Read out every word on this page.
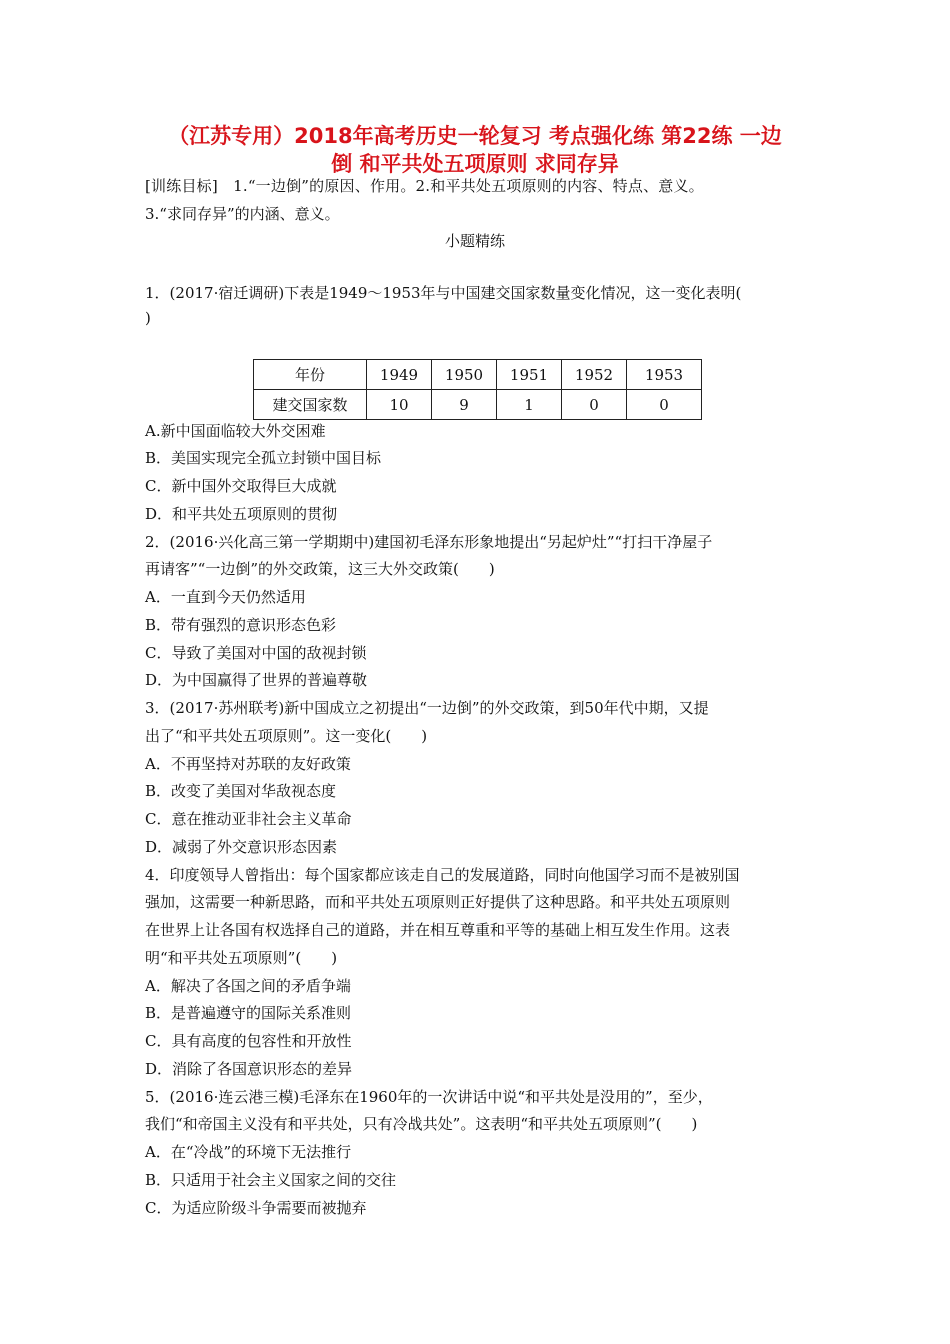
（江苏专用）2018年高考历史一轮复习 考点强化练 第22练 一边
倒 和平共处五项原则 求同存异
[训练目标]　1.“一边倒”的原因、作用。2.和平共处五项原则的内容、特点、意义。
3.“求同存异”的内涵、意义。
小题精练
1．(2017·宿迁调研)下表是1949～1953年与中国建交国家数量变化情况，这一变化表明(
)
年份	1949	1950	1951	1952	1953
建交国家数	10	9	1	0	0
A.新中国面临较大外交困难
B．美国实现完全孤立封锁中国目标
C．新中国外交取得巨大成就
D．和平共处五项原则的贯彻
2．(2016·兴化高三第一学期期中)建国初毛泽东形象地提出“另起炉灶”“打扫干净屋子
再请客”“一边倒”的外交政策，这三大外交政策(　　)
A．一直到今天仍然适用
B．带有强烈的意识形态色彩
C．导致了美国对中国的敌视封锁
D．为中国赢得了世界的普遍尊敬
3．(2017·苏州联考)新中国成立之初提出“一边倒”的外交政策，到50年代中期，又提
出了“和平共处五项原则”。这一变化(　　)
A．不再坚持对苏联的友好政策
B．改变了美国对华敌视态度
C．意在推动亚非社会主义革命
D．减弱了外交意识形态因素
4．印度领导人曾指出：每个国家都应该走自己的发展道路，同时向他国学习而不是被别国
强加，这需要一种新思路，而和平共处五项原则正好提供了这种思路。和平共处五项原则
在世界上让各国有权选择自己的道路，并在相互尊重和平等的基础上相互发生作用。这表
明“和平共处五项原则”(　　)
A．解决了各国之间的矛盾争端
B．是普遍遵守的国际关系准则
C．具有高度的包容性和开放性
D．消除了各国意识形态的差异
5．(2016·连云港三模)毛泽东在1960年的一次讲话中说“和平共处是没用的”，至少，
我们“和帝国主义没有和平共处，只有冷战共处”。这表明“和平共处五项原则”(　　)
A．在“冷战”的环境下无法推行
B．只适用于社会主义国家之间的交往
C．为适应阶级斗争需要而被抛弃
